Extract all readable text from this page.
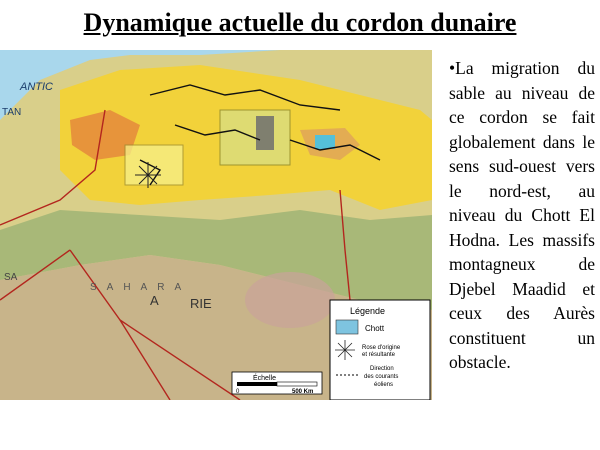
Dynamique actuelle du cordon dunaire
ANTIC
TAN
SA
A RIE
SAHARA
Échelle
0	500 Km
Légende
Chott
Rose d'origine
et résultante
Direction
des courants
éoliens
•La migration du sable au niveau de ce cordon se fait globalement dans le sens sud-ouest vers le nord-est, au niveau du Chott El Hodna. Les massifs montagneux de Djebel Maadid et ceux des Aurès constituent un obstacle.
